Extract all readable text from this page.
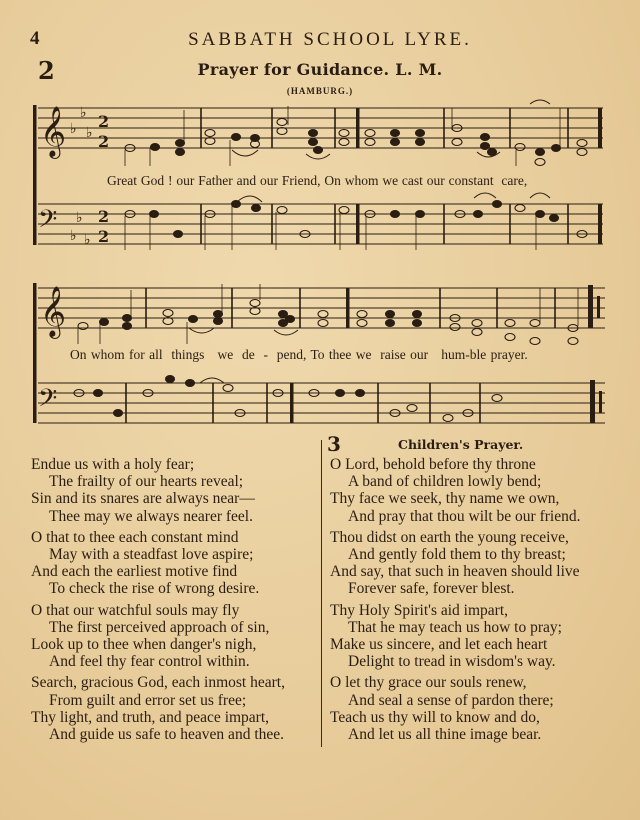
4	SABBATH SCHOOL LYRE.
2	Prayer for Guidance. L. M.
(HAMBURG.)
𝄞
𝄢
♭
♭ ♭
♭
♭ ♭
2
2
2
2
𝄞
𝄢
Great God ! our Father and our Friend, On whom we cast our constant  care,
On whom for all  things   we  de  -  pend, To thee we  raise our   hum-ble prayer.
Endue us with a holy fear;
The frailty of our hearts reveal;
Sin and its snares are always near—
Thee may we always nearer feel.
O that to thee each constant mind
May with a steadfast love aspire;
And each the earliest motive find
To check the rise of wrong desire.
O that our watchful souls may fly
The first perceived approach of sin,
Look up to thee when danger's nigh,
And feel thy fear control within.
Search, gracious God, each inmost heart,
From guilt and error set us free;
Thy light, and truth, and peace impart,
And guide us safe to heaven and thee.
3	Children's Prayer.
O Lord, behold before thy throne
A band of children lowly bend;
Thy face we seek, thy name we own,
And pray that thou wilt be our friend.
Thou didst on earth the young receive,
And gently fold them to thy breast;
And say, that such in heaven should live
Forever safe, forever blest.
Thy Holy Spirit's aid impart,
That he may teach us how to pray;
Make us sincere, and let each heart
Delight to tread in wisdom's way.
O let thy grace our souls renew,
And seal a sense of pardon there;
Teach us thy will to know and do,
And let us all thine image bear.
